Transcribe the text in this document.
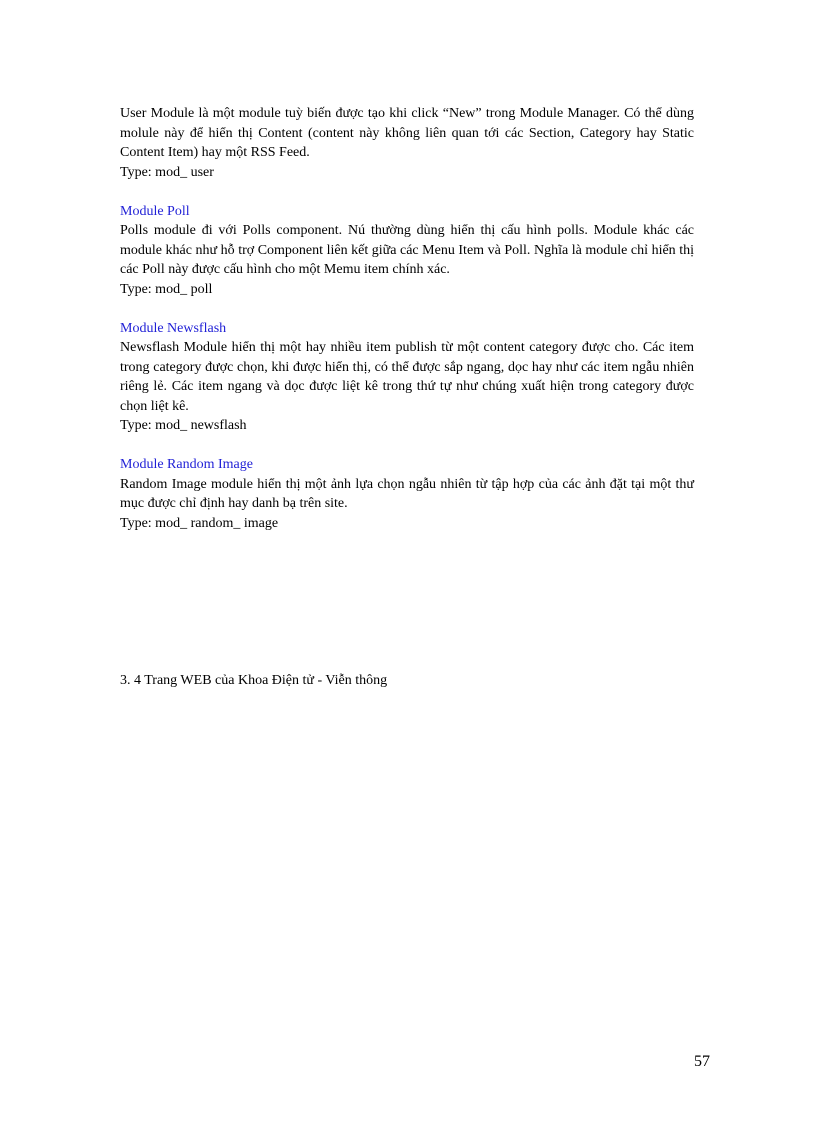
User Module là một module tuỳ biến được tạo khi click “New” trong Module Manager. Có thể dùng molule này để hiển thị Content (content này không liên quan tới các Section, Category hay Static Content Item) hay một RSS Feed.

Type: mod_ user

Module Poll

Polls module đi với Polls component. Nú thường dùng hiển thị cấu hình polls. Module khác các module khác như hỗ trợ Component liên kết giữa các Menu Item và Poll. Nghĩa là module chỉ hiển thị các Poll này được cấu hình cho một Memu item chính xác.

Type: mod_ poll

Module Newsflash

Newsflash Module hiển thị một hay nhiều item publish từ một content category được cho. Các item trong category được chọn, khi được hiển thị, có thể được sắp ngang, dọc hay như các item ngẫu nhiên riêng lẻ. Các item ngang và dọc được liệt kê trong thứ tự như chúng xuất hiện trong category được chọn liệt kê.

Type: mod_ newsflash

Module Random Image

Random Image module hiển thị một ảnh lựa chọn ngẫu nhiên từ tập hợp của các ảnh đặt tại một thư mục được chỉ định hay danh bạ trên site.

Type: mod_ random_ image

3. 4 Trang WEB của Khoa Điện tử - Viễn thông

57
